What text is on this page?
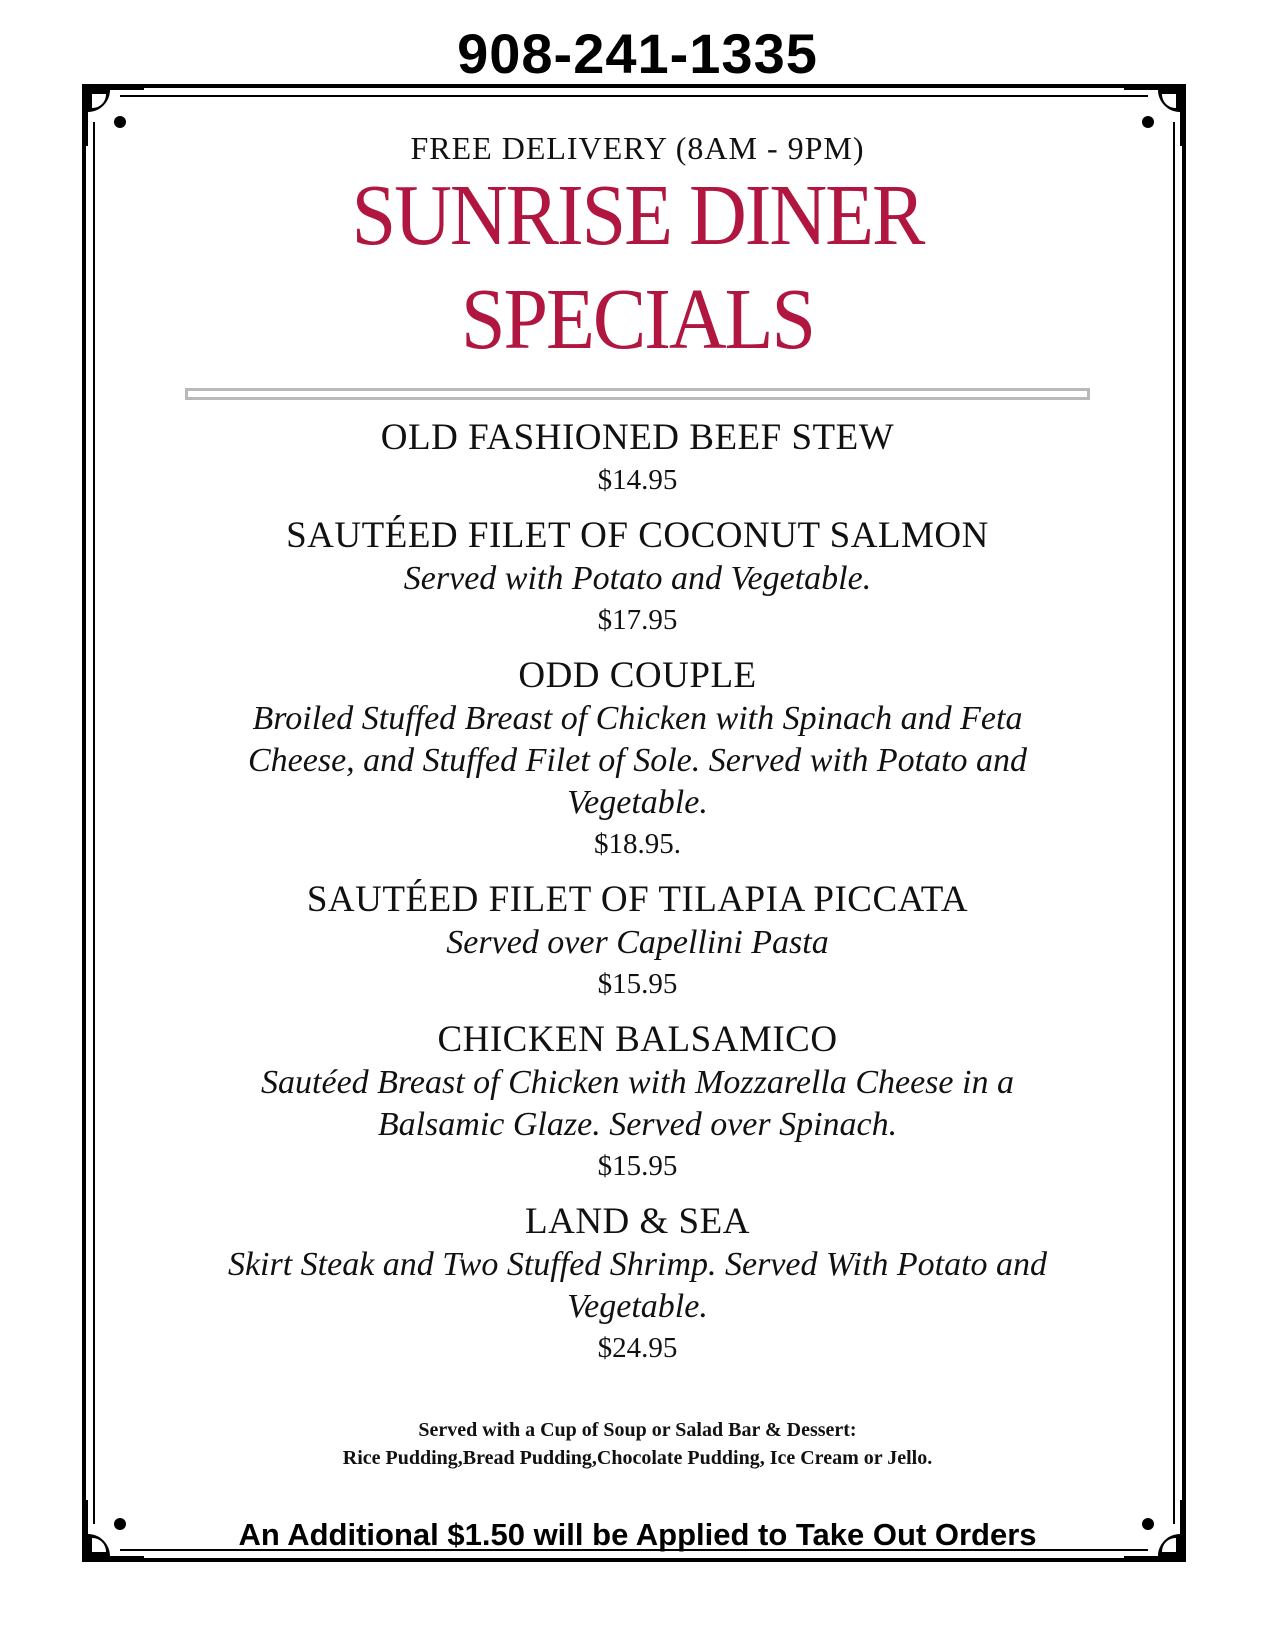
908-241-1335
FREE DELIVERY (8AM - 9PM)
SUNRISE DINER SPECIALS
OLD FASHIONED BEEF STEW
$14.95
SAUTÉED FILET OF COCONUT SALMON
Served with Potato and Vegetable.
$17.95
ODD COUPLE
Broiled Stuffed Breast of Chicken with Spinach and Feta Cheese, and Stuffed Filet of Sole. Served with Potato and Vegetable.
$18.95.
SAUTÉED FILET OF TILAPIA PICCATA
Served over Capellini Pasta
$15.95
CHICKEN BALSAMICO
Sautéed Breast of Chicken with Mozzarella Cheese in a Balsamic Glaze. Served over Spinach.
$15.95
LAND & SEA
Skirt Steak and Two Stuffed Shrimp. Served With Potato and Vegetable.
$24.95
Served with a Cup of Soup or Salad Bar & Dessert:
Rice Pudding,Bread Pudding,Chocolate Pudding, Ice Cream or Jello.
An Additional $1.50 will be Applied to Take Out Orders
